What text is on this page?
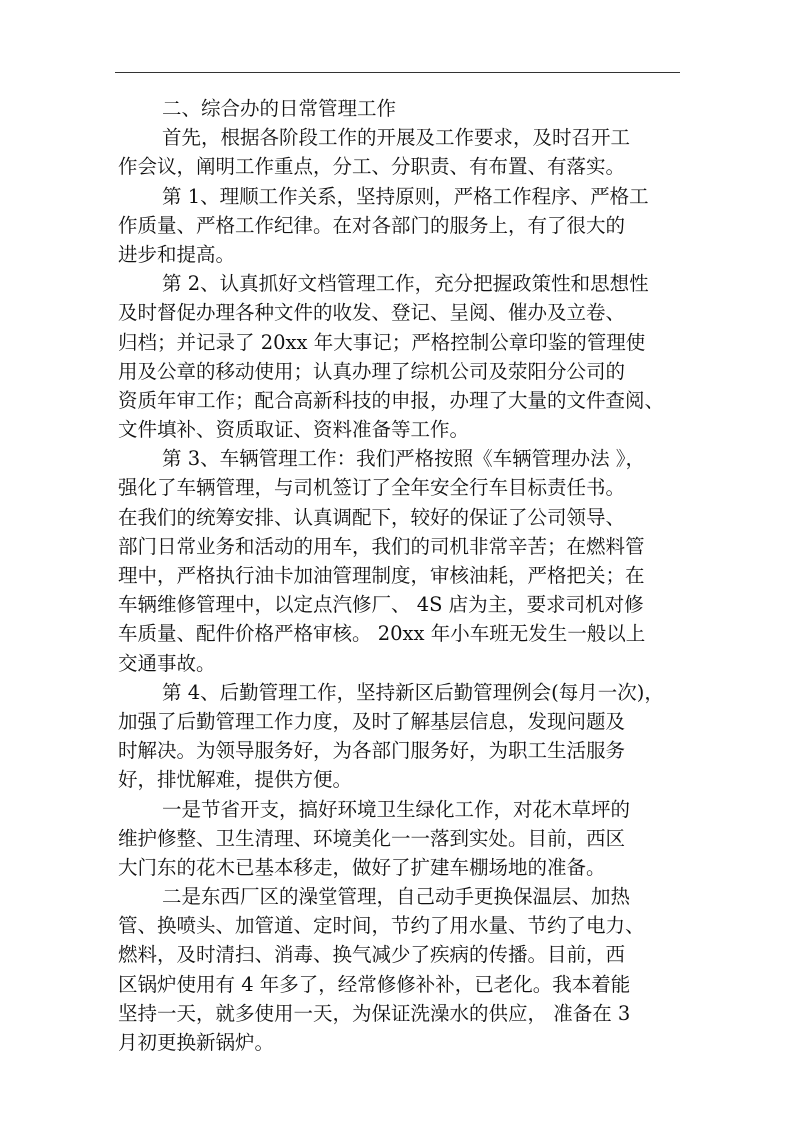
二、综合办的日常管理工作
首先，根据各阶段工作的开展及工作要求，及时召开工
作会议，阐明工作重点，分工、分职责、有布置、有落实。
第 1、理顺工作关系，坚持原则，严格工作程序、严格工
作质量、严格工作纪律。在对各部门的服务上，有了很大的
进步和提高。
第 2、认真抓好文档管理工作，充分把握政策性和思想性
及时督促办理各种文件的收发、登记、呈阅、催办及立卷、
归档；并记录了 20xx 年大事记；严格控制公章印鉴的管理使
用及公章的移动使用；认真办理了综机公司及荥阳分公司的
资质年审工作；配合高新科技的申报，办理了大量的文件查阅、
文件填补、资质取证、资料准备等工作。
第 3、车辆管理工作：我们严格按照《车辆管理办法 》，
强化了车辆管理，与司机签订了全年安全行车目标责任书。
在我们的统筹安排、认真调配下，较好的保证了公司领导、
部门日常业务和活动的用车，我们的司机非常辛苦；在燃料管
理中，严格执行油卡加油管理制度，审核油耗，严格把关；在
车辆维修管理中，以定点汽修厂、 4S 店为主，要求司机对修
车质量、配件价格严格审核。 20xx 年小车班无发生一般以上
交通事故。
第 4、后勤管理工作，坚持新区后勤管理例会(每月一次)，
加强了后勤管理工作力度，及时了解基层信息，发现问题及
时解决。为领导服务好，为各部门服务好，为职工生活服务
好，排忧解难，提供方便。
一是节省开支，搞好环境卫生绿化工作，对花木草坪的
维护修整、卫生清理、环境美化一一落到实处。目前，西区
大门东的花木已基本移走，做好了扩建车棚场地的准备。
二是东西厂区的澡堂管理，自己动手更换保温层、加热
管、换喷头、加管道、定时间，节约了用水量、节约了电力、
燃料，及时清扫、消毒、换气减少了疾病的传播。目前，西
区锅炉使用有 4 年多了，经常修修补补，已老化。我本着能
坚持一天，就多使用一天，为保证洗澡水的供应， 准备在 3
月初更换新锅炉。
